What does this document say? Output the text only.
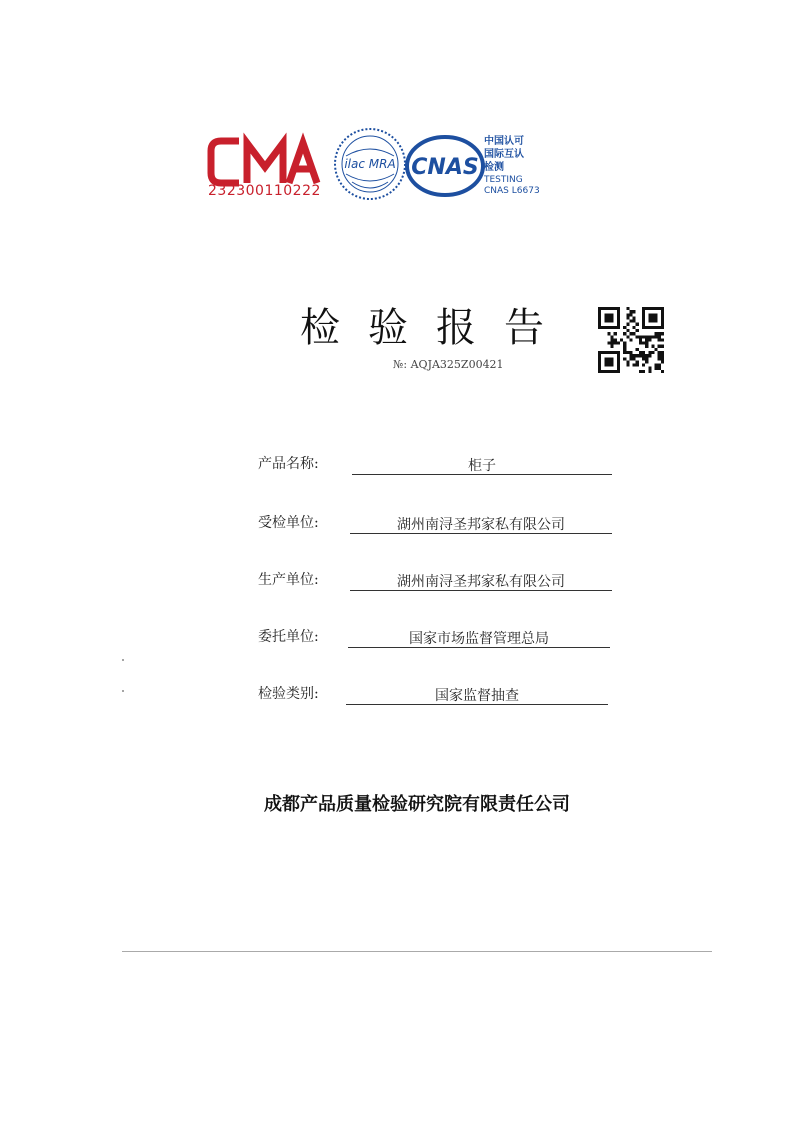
232300110222
ilac MRA CNAS
中国认可
国际互认
检测
TESTING
CNAS L6673
检验报告
№: AQJA325Z00421
产品名称:	柜子
受检单位:	湖州南浔圣邦家私有限公司
生产单位:	湖州南浔圣邦家私有限公司
委托单位:	国家市场监督管理总局
检验类别:	国家监督抽查
成都产品质量检验研究院有限责任公司
